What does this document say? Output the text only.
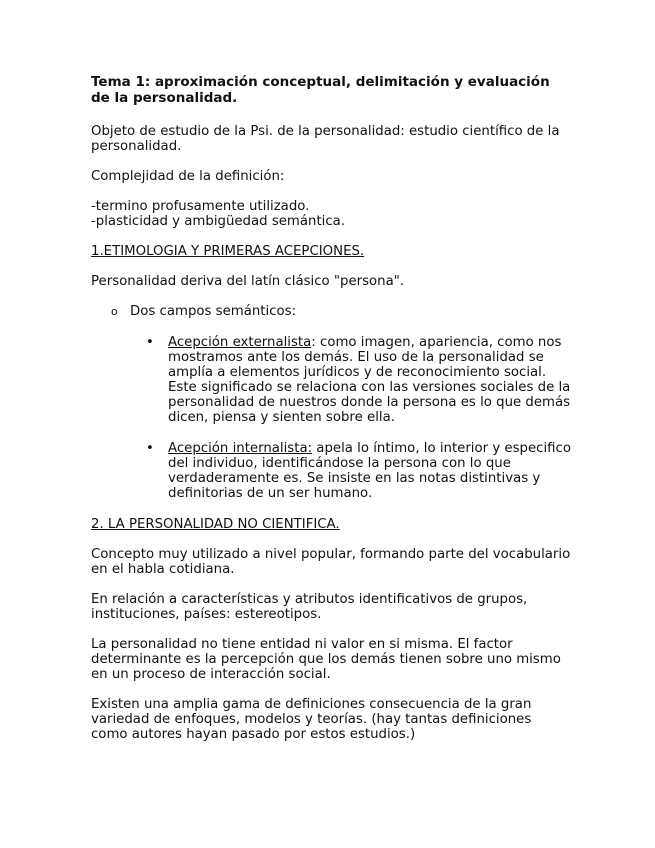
Tema 1: aproximación conceptual, delimitación y evaluación de la personalidad.

Objeto de estudio de la Psi. de la personalidad: estudio científico de la personalidad.

Complejidad de la definición:

-termino profusamente utilizado.

-plasticidad y ambigüedad semántica.

1.ETIMOLOGIA Y PRIMERAS ACEPCIONES.

Personalidad deriva del latín clásico "persona".

o Dos campos semánticos:
• Acepción externalista: como imagen, apariencia, como nos mostramos ante los demás. El uso de la personalidad se amplía a elementos jurídicos y de reconocimiento social. Este significado se relaciona con las versiones sociales de la personalidad de nuestros donde la persona es lo que demás dicen, piensa y sienten sobre ella.
• Acepción internalista: apela lo íntimo, lo interior y especifico del individuo, identificándose la persona con lo que verdaderamente es. Se insiste en las notas distintivas y definitorias de un ser humano.

2. LA PERSONALIDAD NO CIENTIFICA.

Concepto muy utilizado a nivel popular, formando parte del vocabulario en el habla cotidiana.

En relación a características y atributos identificativos de grupos, instituciones, países: estereotipos.

La personalidad no tiene entidad ni valor en si misma. El factor determinante es la percepción que los demás tienen sobre uno mismo en un proceso de interacción social.

Existen una amplia gama de definiciones consecuencia de la gran variedad de enfoques, modelos y teorías. (hay tantas definiciones como autores hayan pasado por estos estudios.)
